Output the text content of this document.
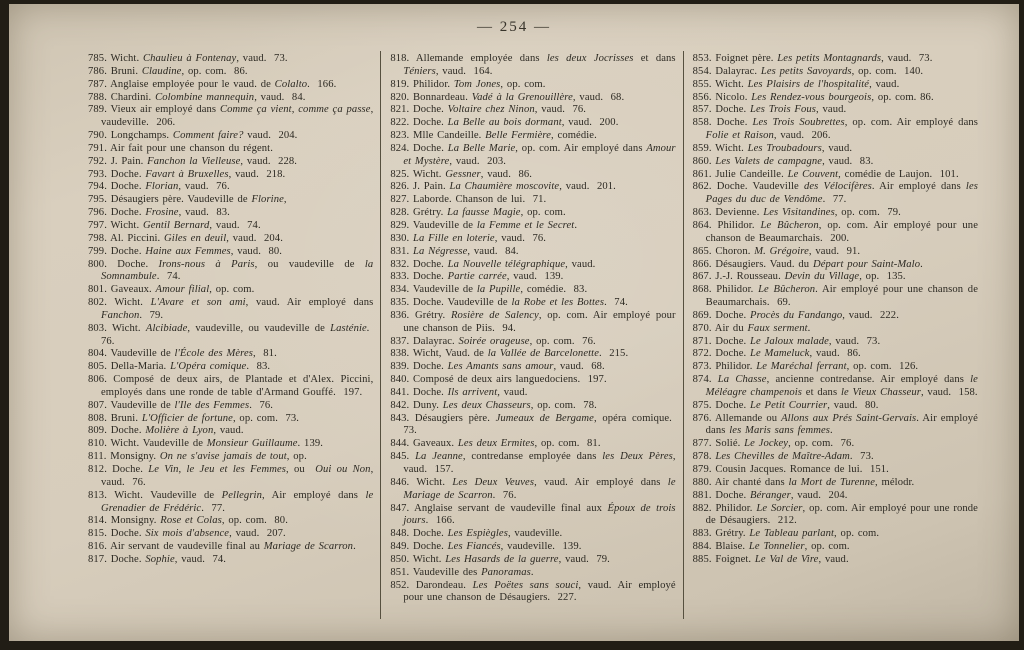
— 254 —
785. Wicht. Chaulieu à Fontenay, vaud.  73.
786. Bruni. Claudine, op. com.  86.
787. Anglaise employée pour le vaud. de Colalto.  166.
788. Chardini. Colombine mannequin, vaud.  84.
789. Vieux air employé dans Comme ça vient, comme ça passe, vaudeville.  206.
790. Longchamps. Comment faire? vaud.  204.
791. Air fait pour une chanson du régent.
792. J. Pain. Fanchon la Vielleuse, vaud.  228.
793. Doche. Favart à Bruxelles, vaud.  218.
794. Doche. Florian, vaud.  76.
795. Désaugiers père. Vaudeville de Florine,
796. Doche. Frosine, vaud.  83.
797. Wicht. Gentil Bernard, vaud.  74.
798. Al. Piccini. Giles en deuil, vaud.  204.
799. Doche. Haine aux Femmes, vaud.  80.
800. Doche. Irons-nous à Paris, ou vaudeville de la Somnambule.  74.
801. Gaveaux. Amour filial, op. com.
802. Wicht. L'Avare et son ami, vaud. Air employé dans Fanchon.  79.
803. Wicht. Alcibiade, vaudeville, ou vaudeville de Lasténie.  76.
804. Vaudeville de l'École des Mères,  81.
805. Della-Maria. L'Opéra comique.  83.
806. Composé de deux airs, de Plantade et d'Alex. Piccini, employés dans une ronde de table d'Armand Gouffé.  197.
807. Vaudeville de l'Ile des Femmes.  76.
808. Bruni. L'Officier de fortune, op. com.  73.
809. Doche. Molière à Lyon, vaud.
810. Wicht. Vaudeville de Monsieur Guillaume. 139.
811. Monsigny. On ne s'avise jamais de tout, op.
812. Doche. Le Vin, le Jeu et les Femmes, ou  Oui ou Non, vaud.  76.
813. Wicht. Vaudeville de Pellegrin, Air employé dans le Grenadier de Frédéric.  77.
814. Monsigny. Rose et Colas, op. com.  80.
815. Doche. Six mois d'absence, vaud.  207.
816. Air servant de vaudeville final au Mariage de Scarron.
817. Doche. Sophie, vaud.  74.
818. Allemande employée dans les deux Jocrisses et dans Téniers, vaud.  164.
819. Philidor. Tom Jones, op. com.
820. Bonnardeau. Vadé à la Grenouillère, vaud.  68.
821. Doche. Voltaire chez Ninon, vaud.  76.
822. Doche. La Belle au bois dormant, vaud.  200.
823. Mlle Candeille. Belle Fermière, comédie.
824. Doche. La Belle Marie, op. com. Air employé dans Amour et Mystère, vaud.  203.
825. Wicht. Gessner, vaud.  86.
826. J. Pain. La Chaumière moscovite, vaud.  201.
827. Laborde. Chanson de lui.  71.
828. Grétry. La fausse Magie, op. com.
829. Vaudeville de la Femme et le Secret.
830. La Fille en loterie, vaud.  76.
831. La Négresse, vaud.  84.
832. Doche. La Nouvelle télégraphique, vaud.
833. Doche. Partie carrée, vaud.  139.
834. Vaudeville de la Pupille, comédie.  83.
835. Doche. Vaudeville de la Robe et les Bottes.  74.
836. Grétry. Rosière de Salency, op. com. Air employé pour une chanson de Piis.  94.
837. Dalayrac. Soirée orageuse, op. com.  76.
838. Wicht, Vaud. de la Vallée de Barcelonette.  215.
839. Doche. Les Amants sans amour, vaud.  68.
840. Composé de deux airs languedociens.  197.
841. Doche. Ils arrivent, vaud.
842. Duny. Les deux Chasseurs, op. com.  78.
843. Désaugiers père. Jumeaux de Bergame, opéra comique.  73.
844. Gaveaux. Les deux Ermites, op. com.  81.
845. La Jeanne, contredanse employée dans les Deux Pères, vaud.  157.
846. Wicht. Les Deux Veuves, vaud. Air employé dans le Mariage de Scarron.  76.
847. Anglaise servant de vaudeville final aux Époux de trois jours.  166.
848. Doche. Les Espiègles, vaudeville.
849. Doche. Les Fiancés, vaudeville.  139.
850. Wicht. Les Hasards de la guerre, vaud.  79.
851. Vaudeville des Panoramas.
852. Darondeau. Les Poëtes sans souci, vaud. Air employé pour une chanson de Désaugiers.  227.
853. Foignet père. Les petits Montagnards, vaud.  73.
854. Dalayrac. Les petits Savoyards, op. com.  140.
855. Wicht. Les Plaisirs de l'hospitalité, vaud.
856. Nicolo. Les Rendez-vous bourgeois, op. com. 86.
857. Doche. Les Trois Fous, vaud.
858. Doche. Les Trois Soubrettes, op. com. Air employé dans Folie et Raison, vaud.  206.
859. Wicht. Les Troubadours, vaud.
860. Les Valets de campagne, vaud.  83.
861. Julie Candeille. Le Couvent, comédie de Laujon.  101.
862. Doche. Vaudeville des Vélocifères. Air employé dans les Pages du duc de Vendôme.  77.
863. Devienne. Les Visitandines, op. com.  79.
864. Philidor. Le Bûcheron, op. com. Air employé pour une chanson de Beaumarchais.  200.
865. Choron. M. Grégoire, vaud.  91.
866. Désaugiers. Vaud. du Départ pour Saint-Malo.
867. J.-J. Rousseau. Devin du Village, op.  135.
868. Philidor. Le Bûcheron. Air employé pour une chanson de Beaumarchais.  69.
869. Doche. Procès du Fandango, vaud.  222.
870. Air du Faux serment.
871. Doche. Le Jaloux malade, vaud.  73.
872. Doche. Le Mameluck, vaud.  86.
873. Philidor. Le Maréchal ferrant, op. com.  126.
874. La Chasse, ancienne contredanse. Air employé dans le Méléagre champenois et dans le Vieux Chasseur, vaud.  158.
875. Doche. Le Petit Courrier, vaud.  80.
876. Allemande ou Allons aux Prés Saint-Gervais. Air employé dans les Maris sans femmes.
877. Solié. Le Jockey, op. com.  76.
878. Les Chevilles de Maître-Adam.  73.
879. Cousin Jacques. Romance de lui.  151.
880. Air chanté dans la Mort de Turenne, mélodr.
881. Doche. Béranger, vaud.  204.
882. Philidor. Le Sorcier, op. com. Air employé pour une ronde de Désaugiers.  212.
883. Grétry. Le Tableau parlant, op. com.
884. Blaise. Le Tonnelier, op. com.
885. Foignet. Le Val de Vire, vaud.
